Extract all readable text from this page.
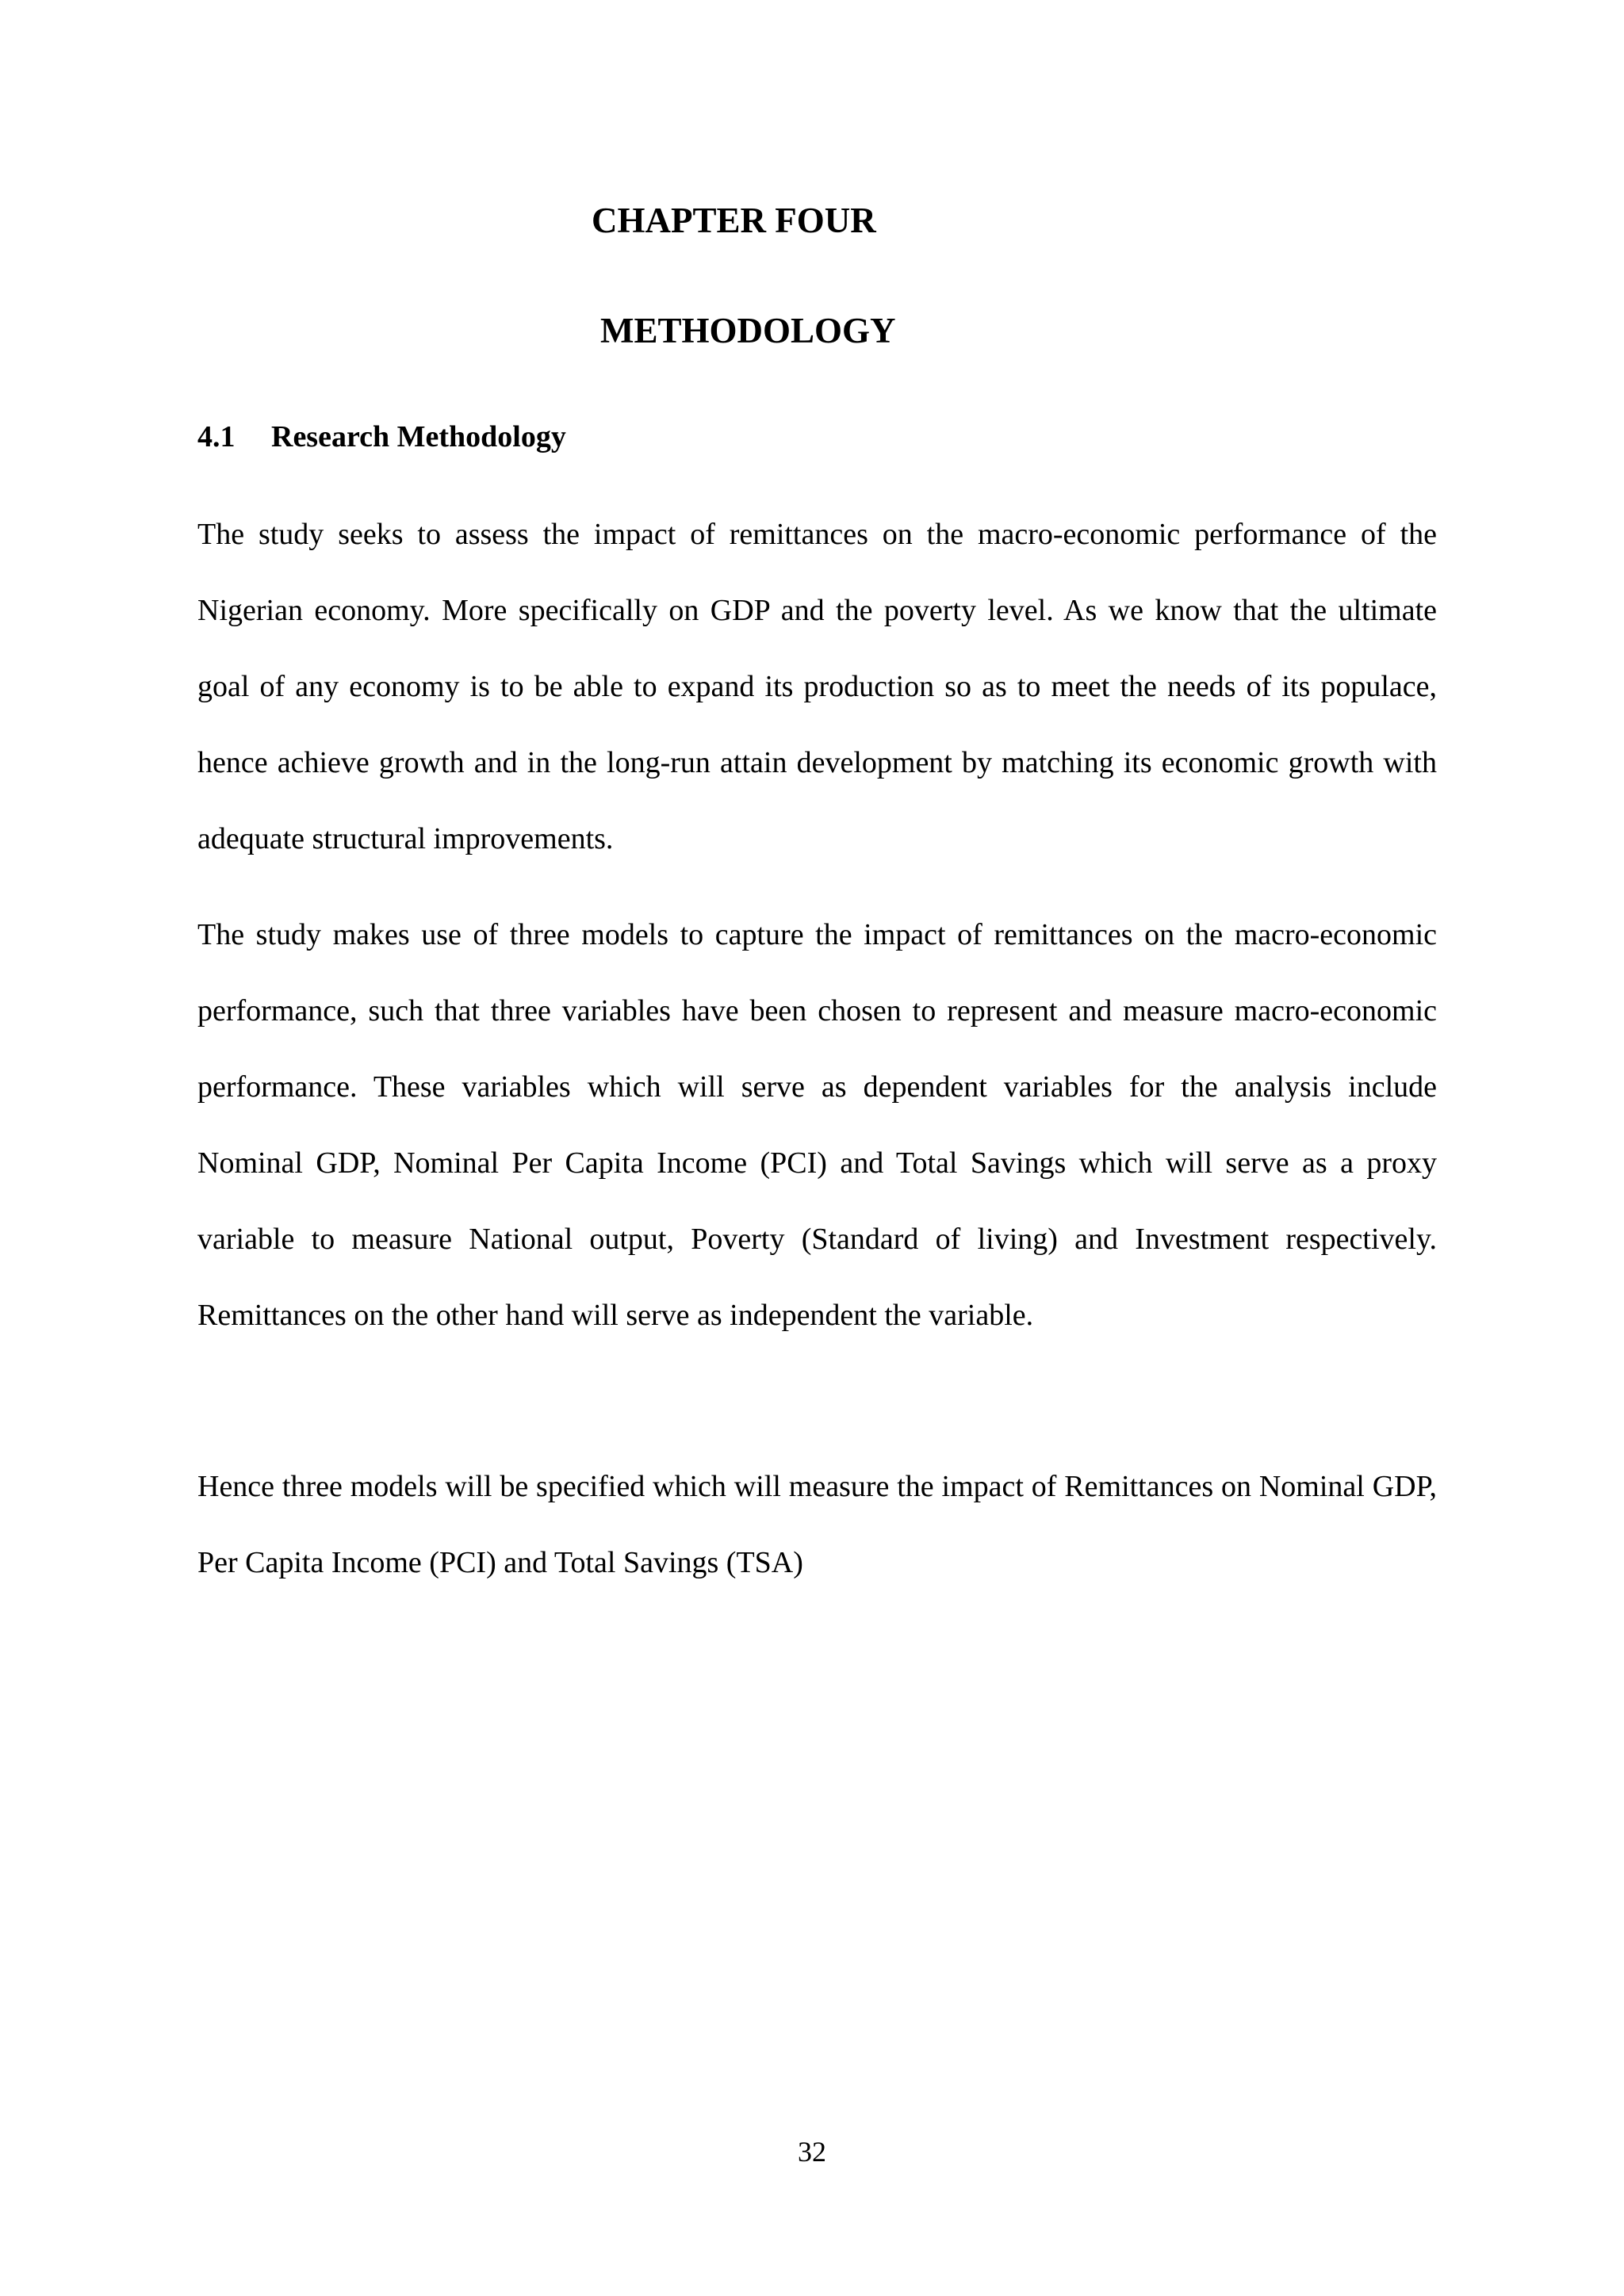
CHAPTER FOUR
METHODOLOGY
4.1 Research Methodology

The study seeks to assess the impact of remittances on the macro-economic performance of the Nigerian economy. More specifically on GDP and the poverty level. As we know that the ultimate goal of any economy is to be able to expand its production so as to meet the needs of its populace, hence achieve growth and in the long-run attain development by matching its economic growth with adequate structural improvements.

The study makes use of three models to capture the impact of remittances on the macro-economic performance, such that three variables have been chosen to represent and measure macro-economic performance. These variables which will serve as dependent variables for the analysis include Nominal GDP, Nominal Per Capita Income (PCI) and Total Savings which will serve as a proxy variable to measure National output, Poverty (Standard of living) and Investment respectively. Remittances on the other hand will serve as independent the variable.

Hence three models will be specified which will measure the impact of Remittances on Nominal GDP, Per Capita Income (PCI) and Total Savings (TSA)

32
